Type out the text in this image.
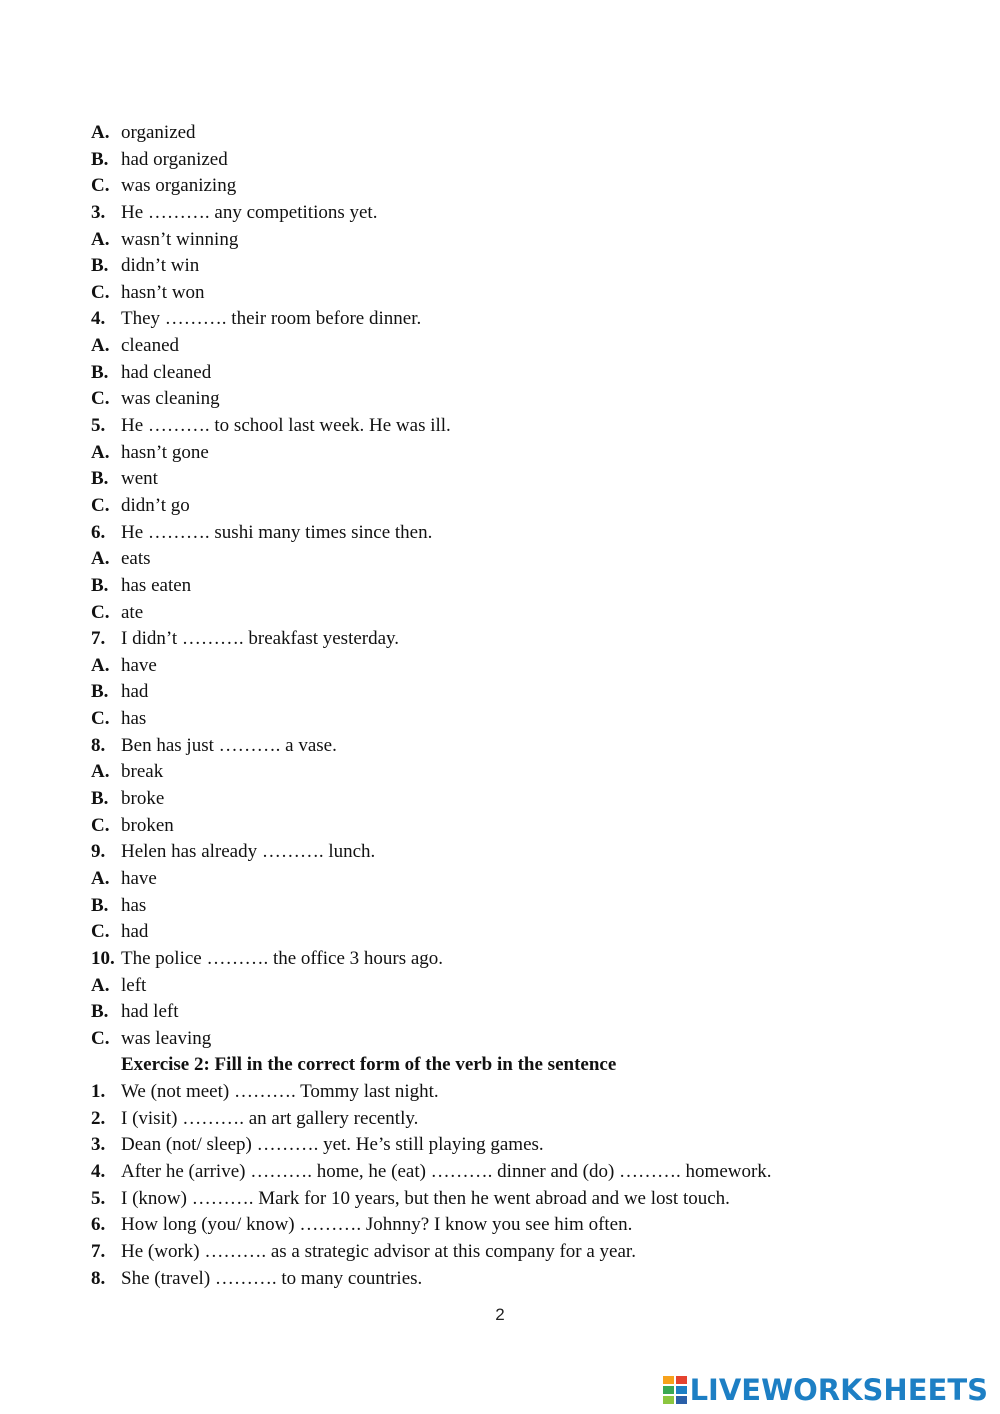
A. organized
B. had organized
C. was organizing
3. He ………. any competitions yet.
A. wasn’t winning
B. didn’t win
C. hasn’t won
4. They ………. their room before dinner.
A. cleaned
B. had cleaned
C. was cleaning
5. He ………. to school last week. He was ill.
A. hasn’t gone
B. went
C. didn’t go
6. He ………. sushi many times since then.
A. eats
B. has eaten
C. ate
7. I didn’t ………. breakfast yesterday.
A. have
B. had
C. has
8. Ben has just ………. a vase.
A. break
B. broke
C. broken
9. Helen has already ………. lunch.
A. have
B. has
C. had
10. The police ………. the office 3 hours ago.
A. left
B. had left
C. was leaving
Exercise 2: Fill in the correct form of the verb in the sentence
1. We (not meet) ………. Tommy last night.
2. I (visit) ………. an art gallery recently.
3. Dean (not/ sleep) ………. yet. He’s still playing games.
4. After he (arrive) ………. home, he (eat) ………. dinner and (do) ………. homework.
5. I (know) ………. Mark for 10 years, but then he went abroad and we lost touch.
6. How long (you/ know) ………. Johnny? I know you see him often.
7. He (work) ………. as a strategic advisor at this company for a year.
8. She (travel) ………. to many countries.
2
LIVEWORKSHEETS
